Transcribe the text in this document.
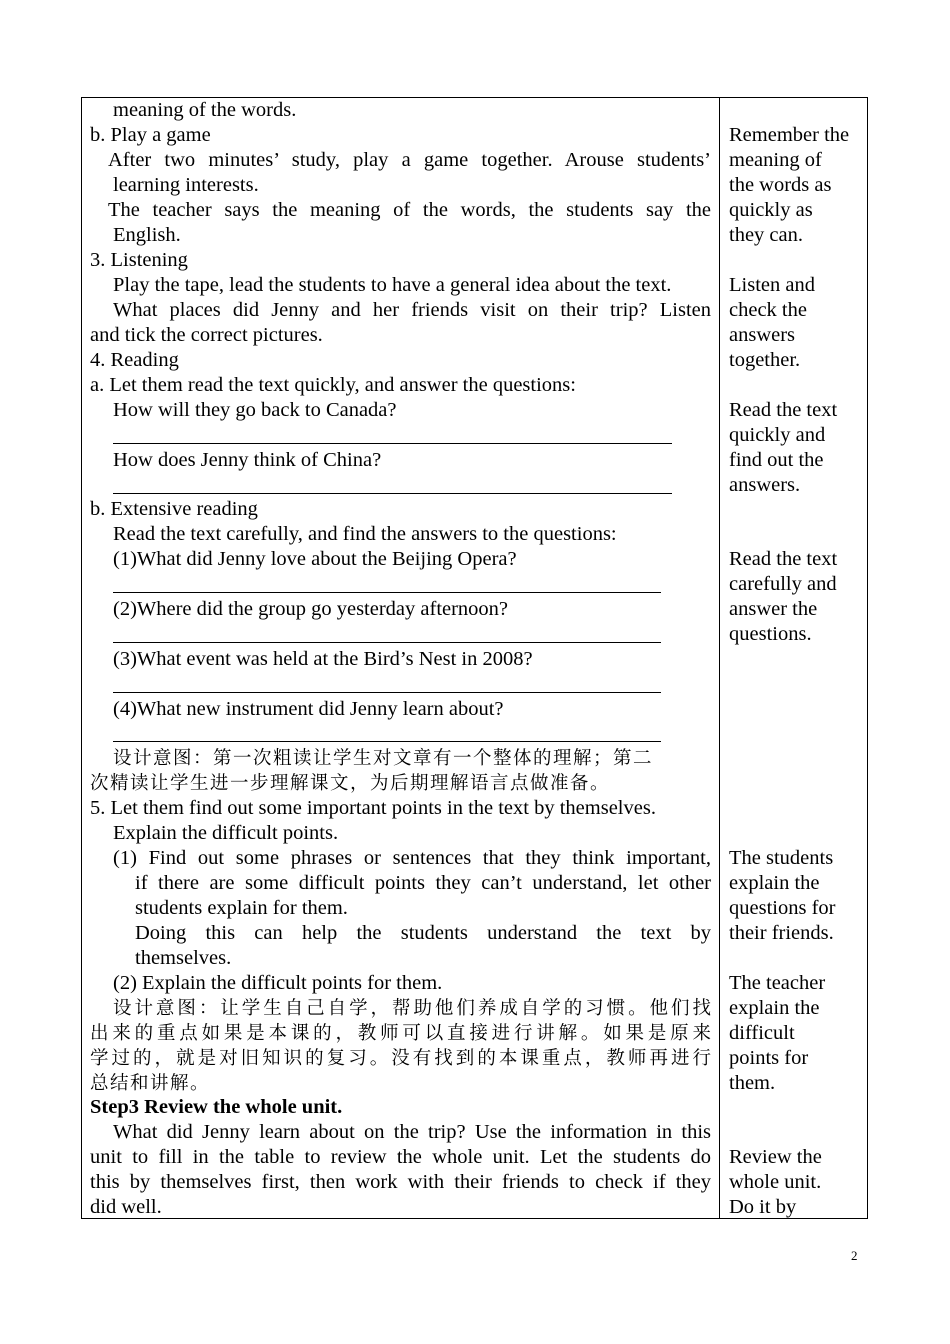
meaning of the words.
b. Play a game
After two minutes’ study, play a game together. Arouse students’
learning interests.
The teacher says the meaning of the words, the students say the
English.
3. Listening
Play the tape, lead the students to have a general idea about the text.
What places did Jenny and her friends visit on their trip? Listen
and tick the correct pictures.
4. Reading
a. Let them read the text quickly, and answer the questions:
How will they go back to Canada?
How does Jenny think of China?
b. Extensive reading
Read the text carefully, and find the answers to the questions:
(1)What did Jenny love about the Beijing Opera?
(2)Where did the group go yesterday afternoon?
(3)What event was held at the Bird’s Nest in 2008?
(4)What new instrument did Jenny learn about?
设计意图：第一次粗读让学生对文章有一个整体的理解；第二
次精读让学生进一步理解课文，为后期理解语言点做准备。
5. Let them find out some important points in the text by themselves.
Explain the difficult points.
(1) Find out some phrases or sentences that they think important,
if there are some difficult points they can’t understand, let other
students explain for them.
Doing this can help the students understand the text by
themselves.
(2) Explain the difficult points for them.
设计意图：让学生自己自学，帮助他们养成自学的习惯。他们找
出来的重点如果是本课的，教师可以直接进行讲解。如果是原来
学过的，就是对旧知识的复习。没有找到的本课重点，教师再进行
总结和讲解。
Step3 Review the whole unit.
What did Jenny learn about on the trip? Use the information in this
unit to fill in the table to review the whole unit. Let the students do
this by themselves first, then work with their friends to check if they
did well.
Remember the
meaning of
the words as
quickly as
they can.
Listen and
check the
answers
together.
Read the text
quickly and
find out the
answers.
Read the text
carefully and
answer the
questions.
The students
explain the
questions for
their friends.
The teacher
explain the
difficult
points for
them.
Review the
whole unit.
Do it by
2
